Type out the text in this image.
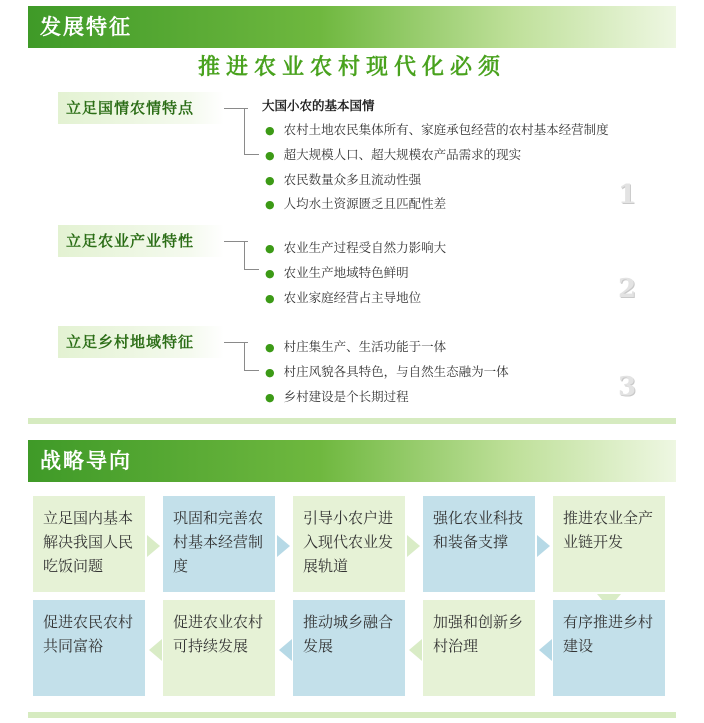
发展特征
推进农业农村现代化必须
立足国情农情特点	大国小农的基本国情
● 农村土地农民集体所有、家庭承包经营的农村基本经营制度
● 超大规模人口、超大规模农产品需求的现实
● 农民数量众多且流动性强
● 人均水土资源匮乏且匹配性差	1
立足农业产业特性	● 农业生产过程受自然力影响大
● 农业生产地域特色鲜明
● 农业家庭经营占主导地位	2
立足乡村地域特征	● 村庄集生产、生活功能于一体
● 村庄风貌各具特色，与自然生态融为一体
● 乡村建设是个长期过程	3
战略导向
立足国内基本解决我国人民吃饭问题
巩固和完善农村基本经营制度
引导小农户进入现代农业发展轨道
强化农业科技和装备支撑
推进农业全产业链开发
促进农民农村共同富裕
促进农业农村可持续发展
推动城乡融合发展
加强和创新乡村治理
有序推进乡村建设
